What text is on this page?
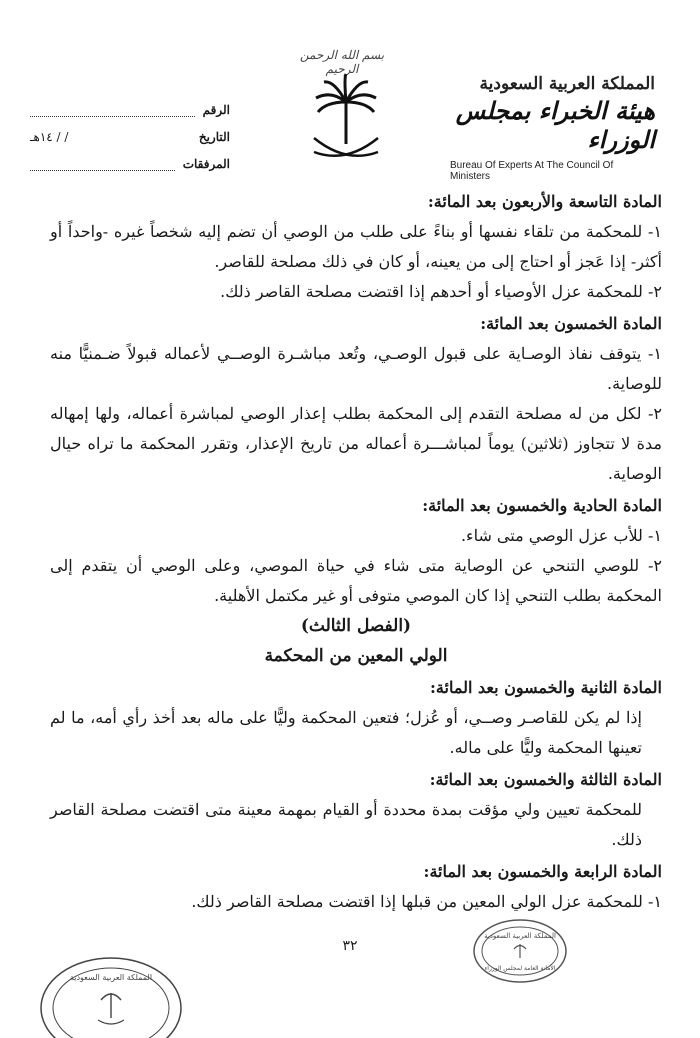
بسم الله الرحمن الرحيم
المملكة العربية السعودية
هيئة الخبراء بمجلس الوزراء
Bureau Of Experts At The Council Of Ministers
الرقم
التاريخ
/ / ١٤هـ
المرفقات
المادة التاسعة والأربعون بعد المائة:
١- للمحكمة من تلقاء نفسها أو بناءً على طلب من الوصي أن تضم إليه شخصاً غيره -واحداً أو أكثر- إذا عَجز أو احتاج إلى من يعينه، أو كان في ذلك مصلحة للقاصر.
٢- للمحكمة عزل الأوصياء أو أحدهم إذا اقتضت مصلحة القاصر ذلك.
المادة الخمسون بعد المائة:
١- يتوقف نفاذ الوصـاية على قبول الوصـي، وتُعد مباشـرة الوصــي لأعماله قبولاً ضـمنيًّا منه للوصاية.
٢- لكل من له مصلحة التقدم إلى المحكمة بطلب إعذار الوصي لمباشرة أعماله، ولها إمهاله مدة لا تتجاوز (ثلاثين) يوماً لمباشـــرة أعماله من تاريخ الإعذار، وتقرر المحكمة ما تراه حيال الوصاية.
المادة الحادية والخمسون بعد المائة:
١- للأب عزل الوصي متى شاء.
٢- للوصي التنحي عن الوصاية متى شاء في حياة الموصي، وعلى الوصي أن يتقدم إلى المحكمة بطلب التنحي إذا كان الموصي متوفى أو غير مكتمل الأهلية.
(الفصل الثالث)
الولي المعين من المحكمة
المادة الثانية والخمسون بعد المائة:
إذا لم يكن للقاصـر وصــي، أو عُزل؛ فتعين المحكمة وليًّا على ماله بعد أخذ رأي أمه، ما لم تعينها المحكمة وليًّا على ماله.
المادة الثالثة والخمسون بعد المائة:
للمحكمة تعيين ولي مؤقت بمدة محددة أو القيام بمهمة معينة متى اقتضت مصلحة القاصر ذلك.
المادة الرابعة والخمسون بعد المائة:
١- للمحكمة عزل الولي المعين من قبلها إذا اقتضت مصلحة القاصر ذلك.
٣٢
المملكة العربية السعودية
الأمانة العامة لمجلس الوزراء
المملكة العربية السعودية
